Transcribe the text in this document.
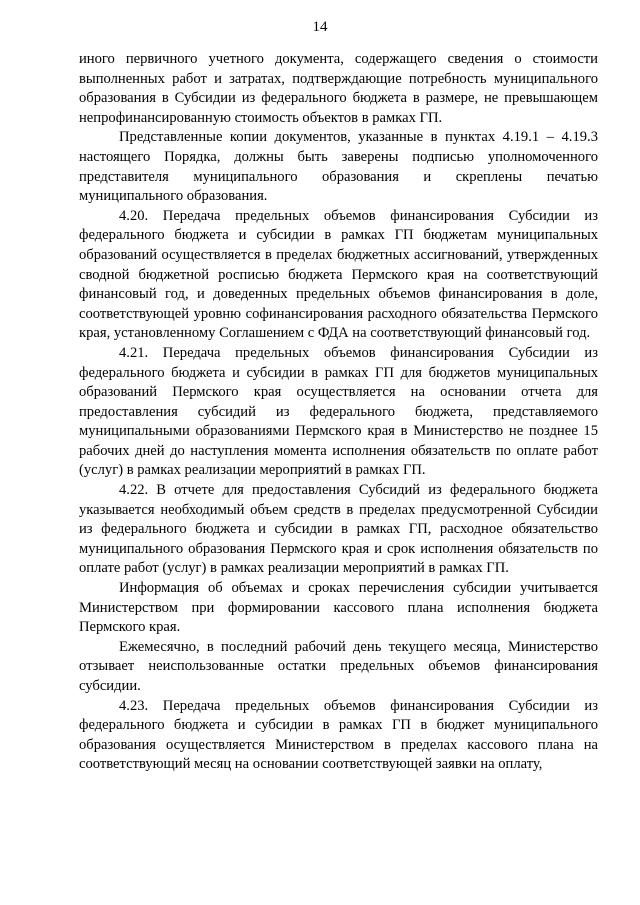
14

иного первичного учетного документа, содержащего сведения о стоимости выполненных работ и затратах, подтверждающие потребность муниципального образования в Субсидии из федерального бюджета в размере, не превышающем непрофинансированную стоимость объектов в рамках ГП.

Представленные копии документов, указанные в пунктах 4.19.1 – 4.19.3 настоящего Порядка, должны быть заверены подписью уполномоченного представителя муниципального образования и скреплены печатью муниципального образования.

4.20. Передача предельных объемов финансирования Субсидии из федерального бюджета и субсидии в рамках ГП бюджетам муниципальных образований осуществляется в пределах бюджетных ассигнований, утвержденных сводной бюджетной росписью бюджета Пермского края на соответствующий финансовый год, и доведенных предельных объемов финансирования в доле, соответствующей уровню софинансирования расходного обязательства Пермского края, установленному Соглашением с ФДА на соответствующий финансовый год.

4.21. Передача предельных объемов финансирования Субсидии из федерального бюджета и субсидии в рамках ГП для бюджетов муниципальных образований Пермского края осуществляется на основании отчета для предоставления субсидий из федерального бюджета, представляемого муниципальными образованиями Пермского края в Министерство не позднее 15 рабочих дней до наступления момента исполнения обязательств по оплате работ (услуг) в рамках реализации мероприятий в рамках ГП.

4.22. В отчете для предоставления Субсидий из федерального бюджета указывается необходимый объем средств в пределах предусмотренной Субсидии из федерального бюджета и субсидии в рамках ГП, расходное обязательство муниципального образования Пермского края и срок исполнения обязательств по оплате работ (услуг) в рамках реализации мероприятий в рамках ГП.

Информация об объемах и сроках перечисления субсидии учитывается Министерством при формировании кассового плана исполнения бюджета Пермского края.

Ежемесячно, в последний рабочий день текущего месяца, Министерство отзывает неиспользованные остатки предельных объемов финансирования субсидии.

4.23. Передача предельных объемов финансирования Субсидии из федерального бюджета и субсидии в рамках ГП в бюджет муниципального образования осуществляется Министерством в пределах кассового плана на соответствующий месяц на основании соответствующей заявки на оплату,
